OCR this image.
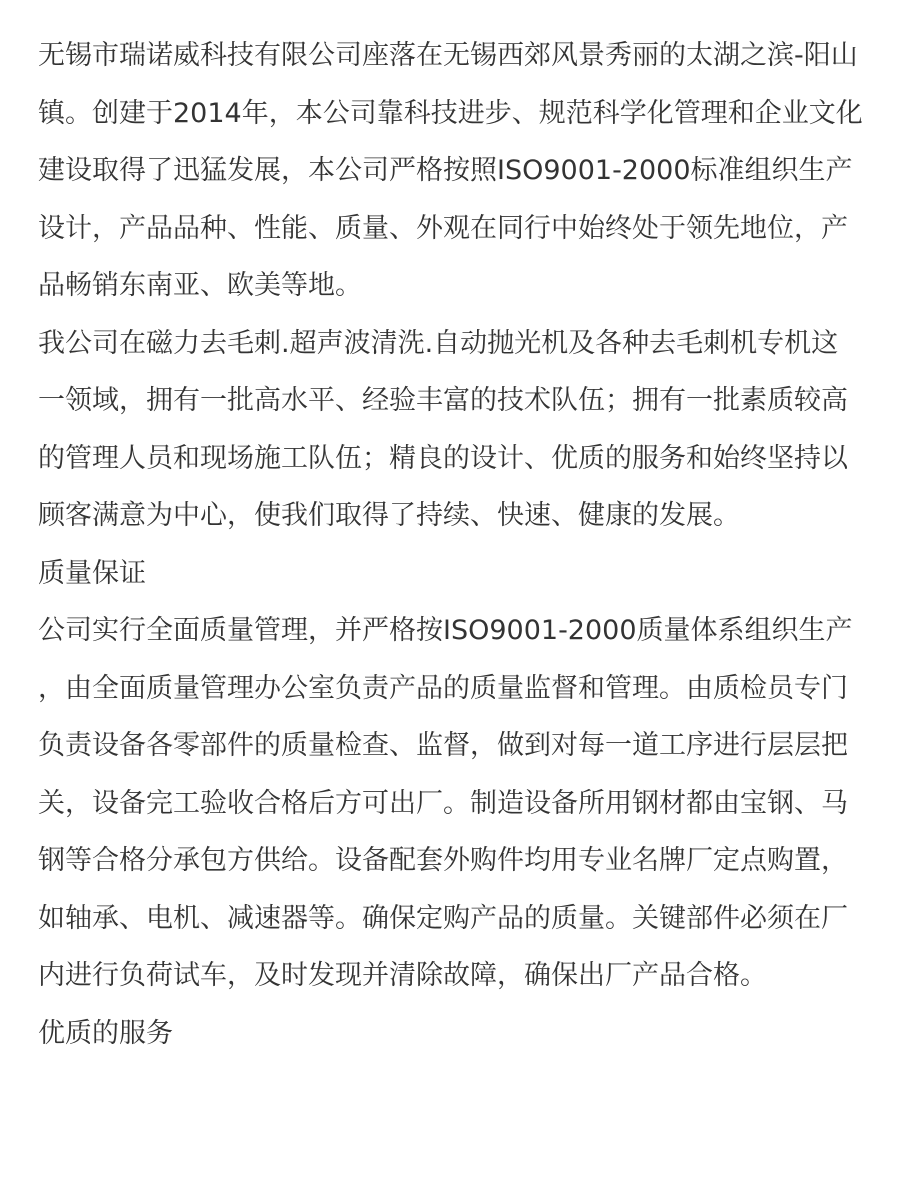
无锡市瑞诺威科技有限公司座落在无锡西郊风景秀丽的太湖之滨-阳山镇。创建于2014年，本公司靠科技进步、规范科学化管理和企业文化建设取得了迅猛发展，本公司严格按照ISO9001-2000标准组织生产设计，产品品种、性能、质量、外观在同行中始终处于领先地位，产品畅销东南亚、欧美等地。

我公司在磁力去毛刺.超声波清洗.自动抛光机及各种去毛刺机专机这一领域，拥有一批高水平、经验丰富的技术队伍；拥有一批素质较高的管理人员和现场施工队伍；精良的设计、优质的服务和始终坚持以顾客满意为中心，使我们取得了持续、快速、健康的发展。

质量保证

公司实行全面质量管理，并严格按ISO9001-2000质量体系组织生产，由全面质量管理办公室负责产品的质量监督和管理。由质检员专门负责设备各零部件的质量检查、监督，做到对每一道工序进行层层把关，设备完工验收合格后方可出厂。制造设备所用钢材都由宝钢、马钢等合格分承包方供给。设备配套外购件均用专业名牌厂定点购置，如轴承、电机、减速器等。确保定购产品的质量。关键部件必须在厂内进行负荷试车，及时发现并清除故障，确保出厂产品合格。

优质的服务
